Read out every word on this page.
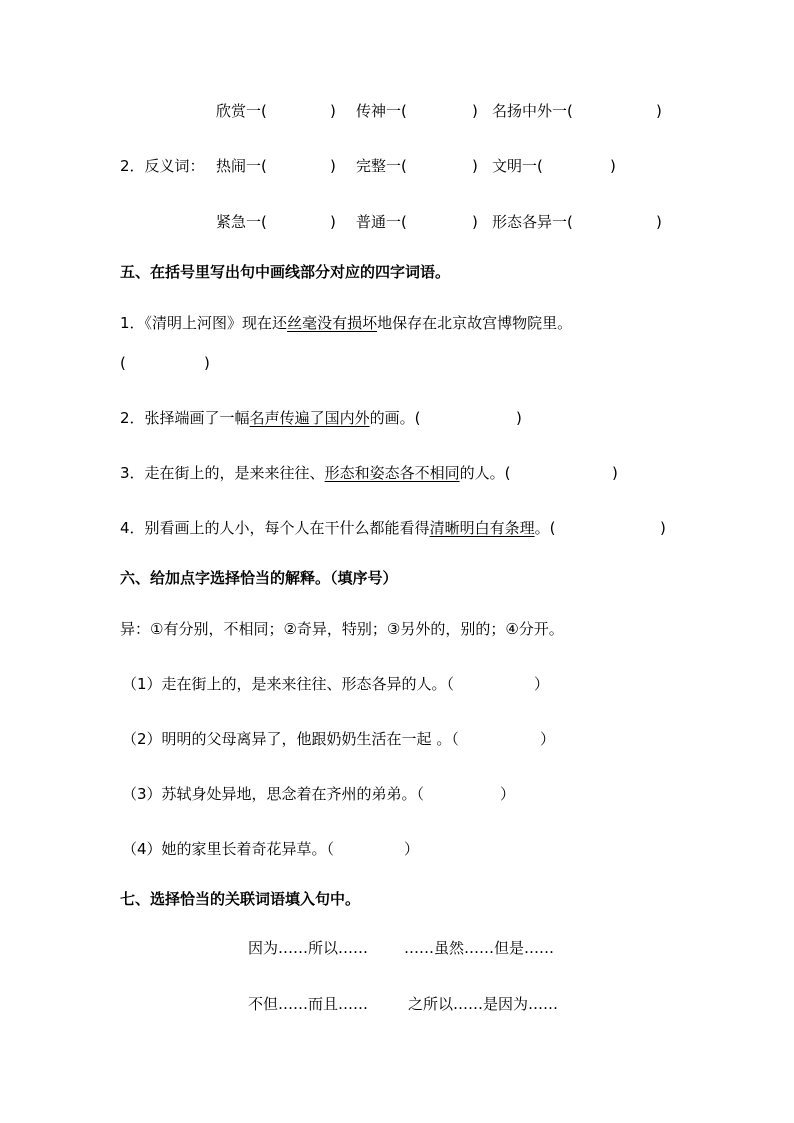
欣赏一(	) 传神一(	) 名扬中外一(	)
2．反义词： 热闹一(	) 完整一(	) 文明一(	)
紧急一(	) 普通一(	) 形态各异一(	)
五、在括号里写出句中画线部分对应的四字词语。
1．《清明上河图》现在还丝毫没有损坏地保存在北京故宫博物院里。
(	)
2．张择端画了一幅名声传遍了国内外的画。(	)
3．走在街上的，是来来往往、形态和姿态各不相同的人。(	)
4．别看画上的人小，每个人在干什么都能看得清晰明白有条理。(	)
六、给加点字选择恰当的解释。（填序号）
异：①有分别，不相同；②奇异，特别；③另外的，别的；④分开。
（1）走在街上的，是来来往往、形态各异的人。（	）
（2）明明的父母离异了，他跟奶奶生活在一起 。（	）
（3）苏轼身处异地，思念着在齐州的弟弟。（	）
（4）她的家里长着奇花异草。（	）
七、选择恰当的关联词语填入句中。
因为……所以…… ……虽然……但是……
不但……而且……	之所以……是因为……
